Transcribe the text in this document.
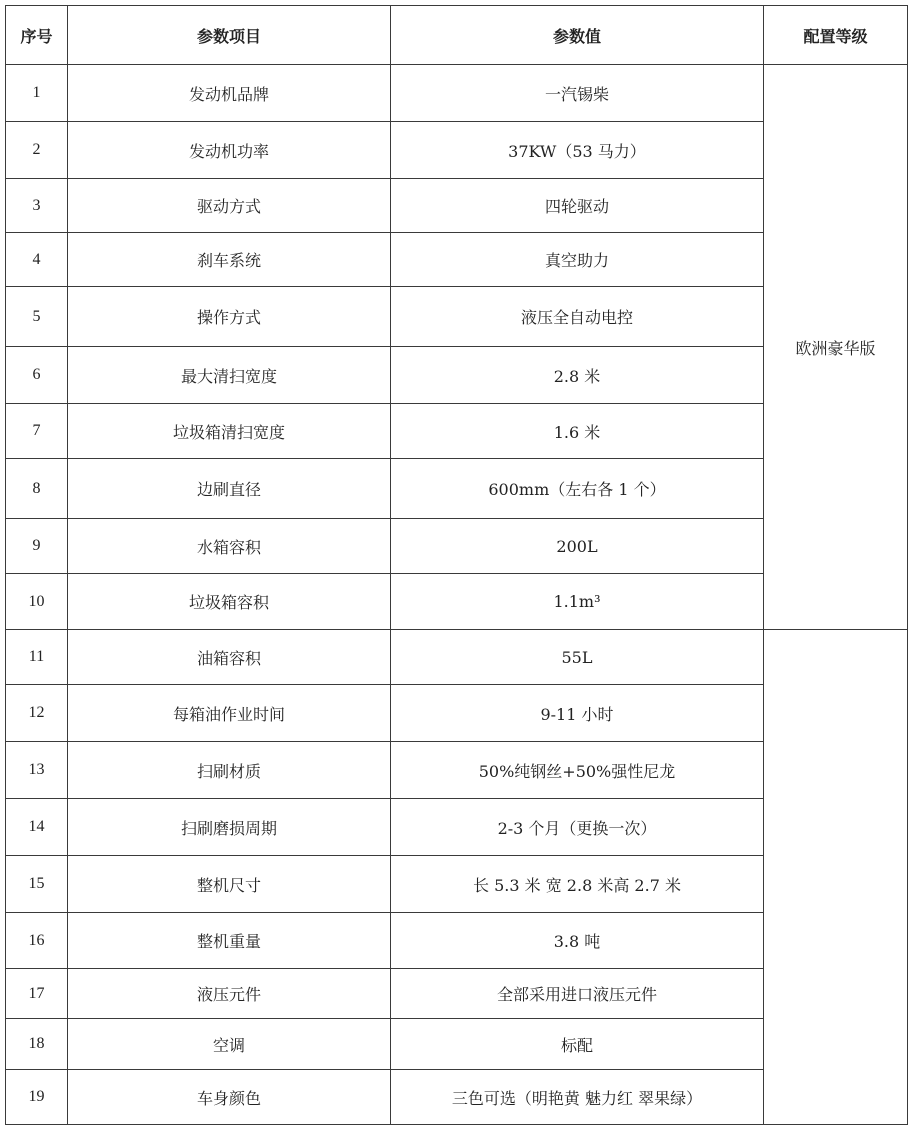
序号	参数项目	参数值	配置等级
1	发动机品牌	一汽锡柴	欧洲豪华版
2	发动机功率	37KW（53 马力）	
3	驱动方式	四轮驱动	
4	刹车系统	真空助力	
5	操作方式	液压全自动电控	
6	最大清扫宽度	2.8 米	
7	垃圾箱清扫宽度	1.6 米	
8	边刷直径	600mm（左右各 1 个）	
9	水箱容积	200L	
10	垃圾箱容积	1.1m³	
11	油箱容积	55L	
12	每箱油作业时间	9-11 小时	
13	扫刷材质	50%纯钢丝+50%强性尼龙	
14	扫刷磨损周期	2-3 个月（更换一次）	
15	整机尺寸	长 5.3 米 宽 2.8 米高 2.7 米	
16	整机重量	3.8 吨	
17	液压元件	全部采用进口液压元件	
18	空调	标配	
19	车身颜色	三色可选（明艳黄 魅力红 翠果绿）	
